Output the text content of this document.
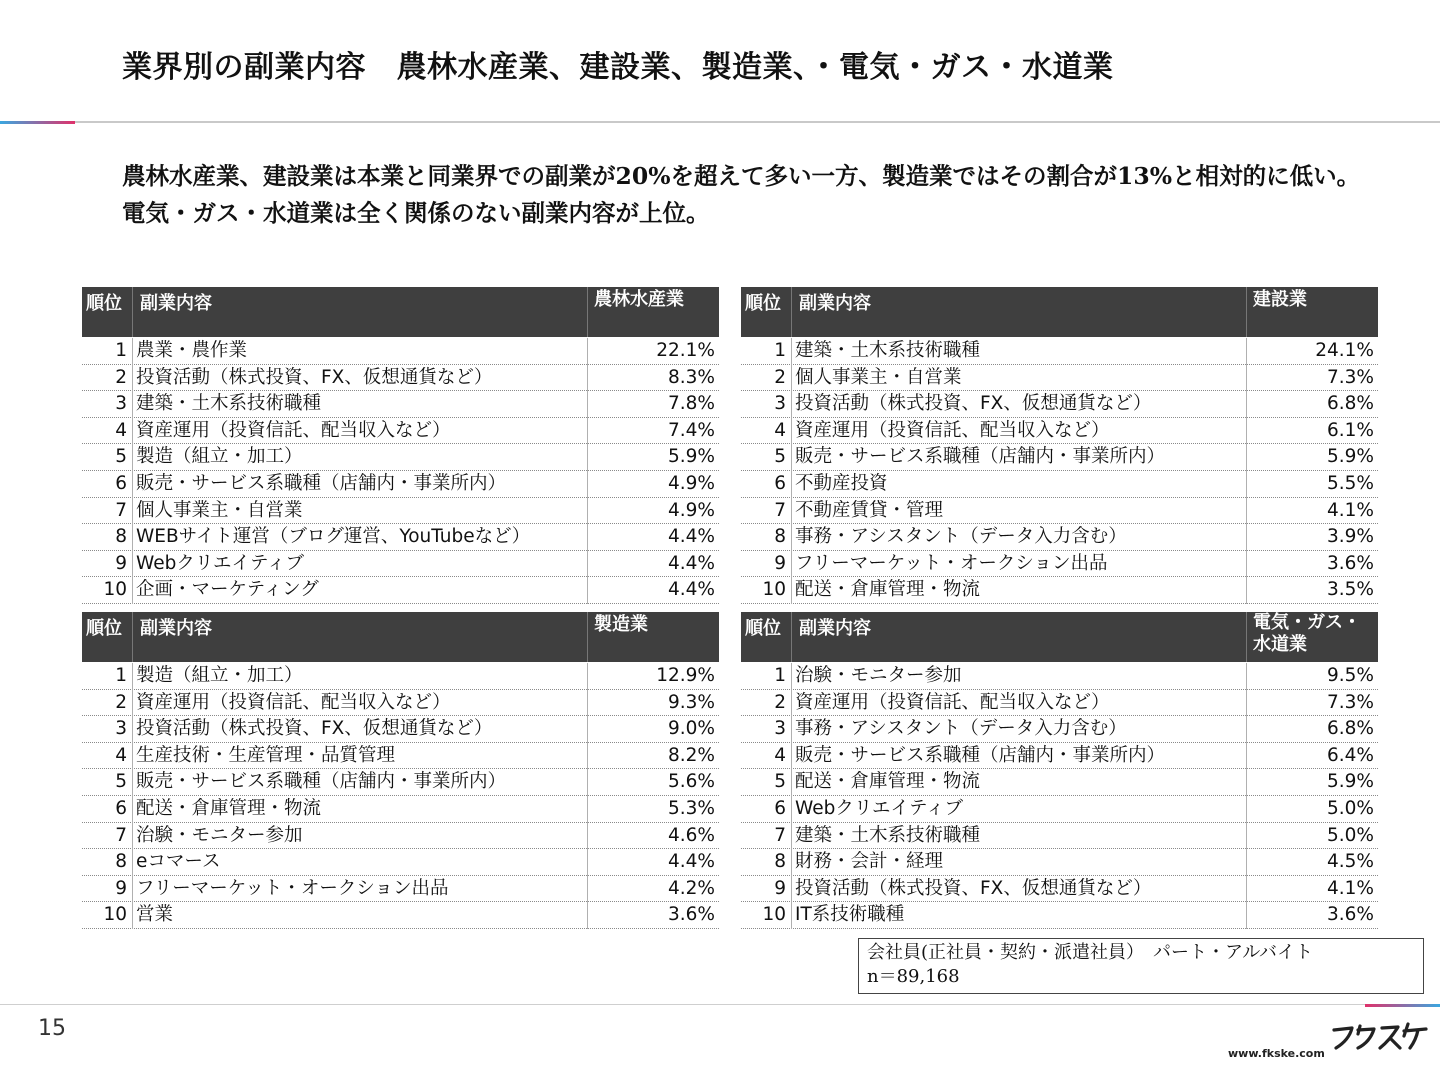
業界別の副業内容　農林水産業、建設業、製造業、・電気・ガス・水道業
農林水産業、建設業は本業と同業界での副業が20%を超えて多い一方、製造業ではその割合が13%と相対的に低い。電気・ガス・水道業は全く関係のない副業内容が上位。
順位 副業内容	農林水産業
1 農業・農作業	22.1%
2 投資活動（株式投資、FX、仮想通貨など）	8.3%
3 建築・土木系技術職種	7.8%
4 資産運用（投資信託、配当収入など）	7.4%
5 製造（組立・加工）	5.9%
6 販売・サービス系職種（店舗内・事業所内）	4.9%
7 個人事業主・自営業	4.9%
8 WEBサイト運営（ブログ運営、YouTubeなど）	4.4%
9 Webクリエイティブ	4.4%
10 企画・マーケティング	4.4%
順位 副業内容	建設業
1 建築・土木系技術職種	24.1%
2 個人事業主・自営業	7.3%
3 投資活動（株式投資、FX、仮想通貨など）	6.8%
4 資産運用（投資信託、配当収入など）	6.1%
5 販売・サービス系職種（店舗内・事業所内）	5.9%
6 不動産投資	5.5%
7 不動産賃貸・管理	4.1%
8 事務・アシスタント（データ入力含む）	3.9%
9 フリーマーケット・オークション出品	3.6%
10 配送・倉庫管理・物流	3.5%
順位 副業内容	製造業
1 製造（組立・加工）	12.9%
2 資産運用（投資信託、配当収入など）	9.3%
3 投資活動（株式投資、FX、仮想通貨など）	9.0%
4 生産技術・生産管理・品質管理	8.2%
5 販売・サービス系職種（店舗内・事業所内）	5.6%
6 配送・倉庫管理・物流	5.3%
7 治験・モニター参加	4.6%
8 eコマース	4.4%
9 フリーマーケット・オークション出品	4.2%
10 営業	3.6%
順位 副業内容	電気・ガス・水道業
1 治験・モニター参加	9.5%
2 資産運用（投資信託、配当収入など）	7.3%
3 事務・アシスタント（データ入力含む）	6.8%
4 販売・サービス系職種（店舗内・事業所内）	6.4%
5 配送・倉庫管理・物流	5.9%
6 Webクリエイティブ	5.0%
7 建築・土木系技術職種	5.0%
8 財務・会計・経理	4.5%
9 投資活動（株式投資、FX、仮想通貨など）	4.1%
10 IT系技術職種	3.6%
会社員(正社員・契約・派遣社員）　パート・アルバイト
n＝89,168
15
www.fkske.com
